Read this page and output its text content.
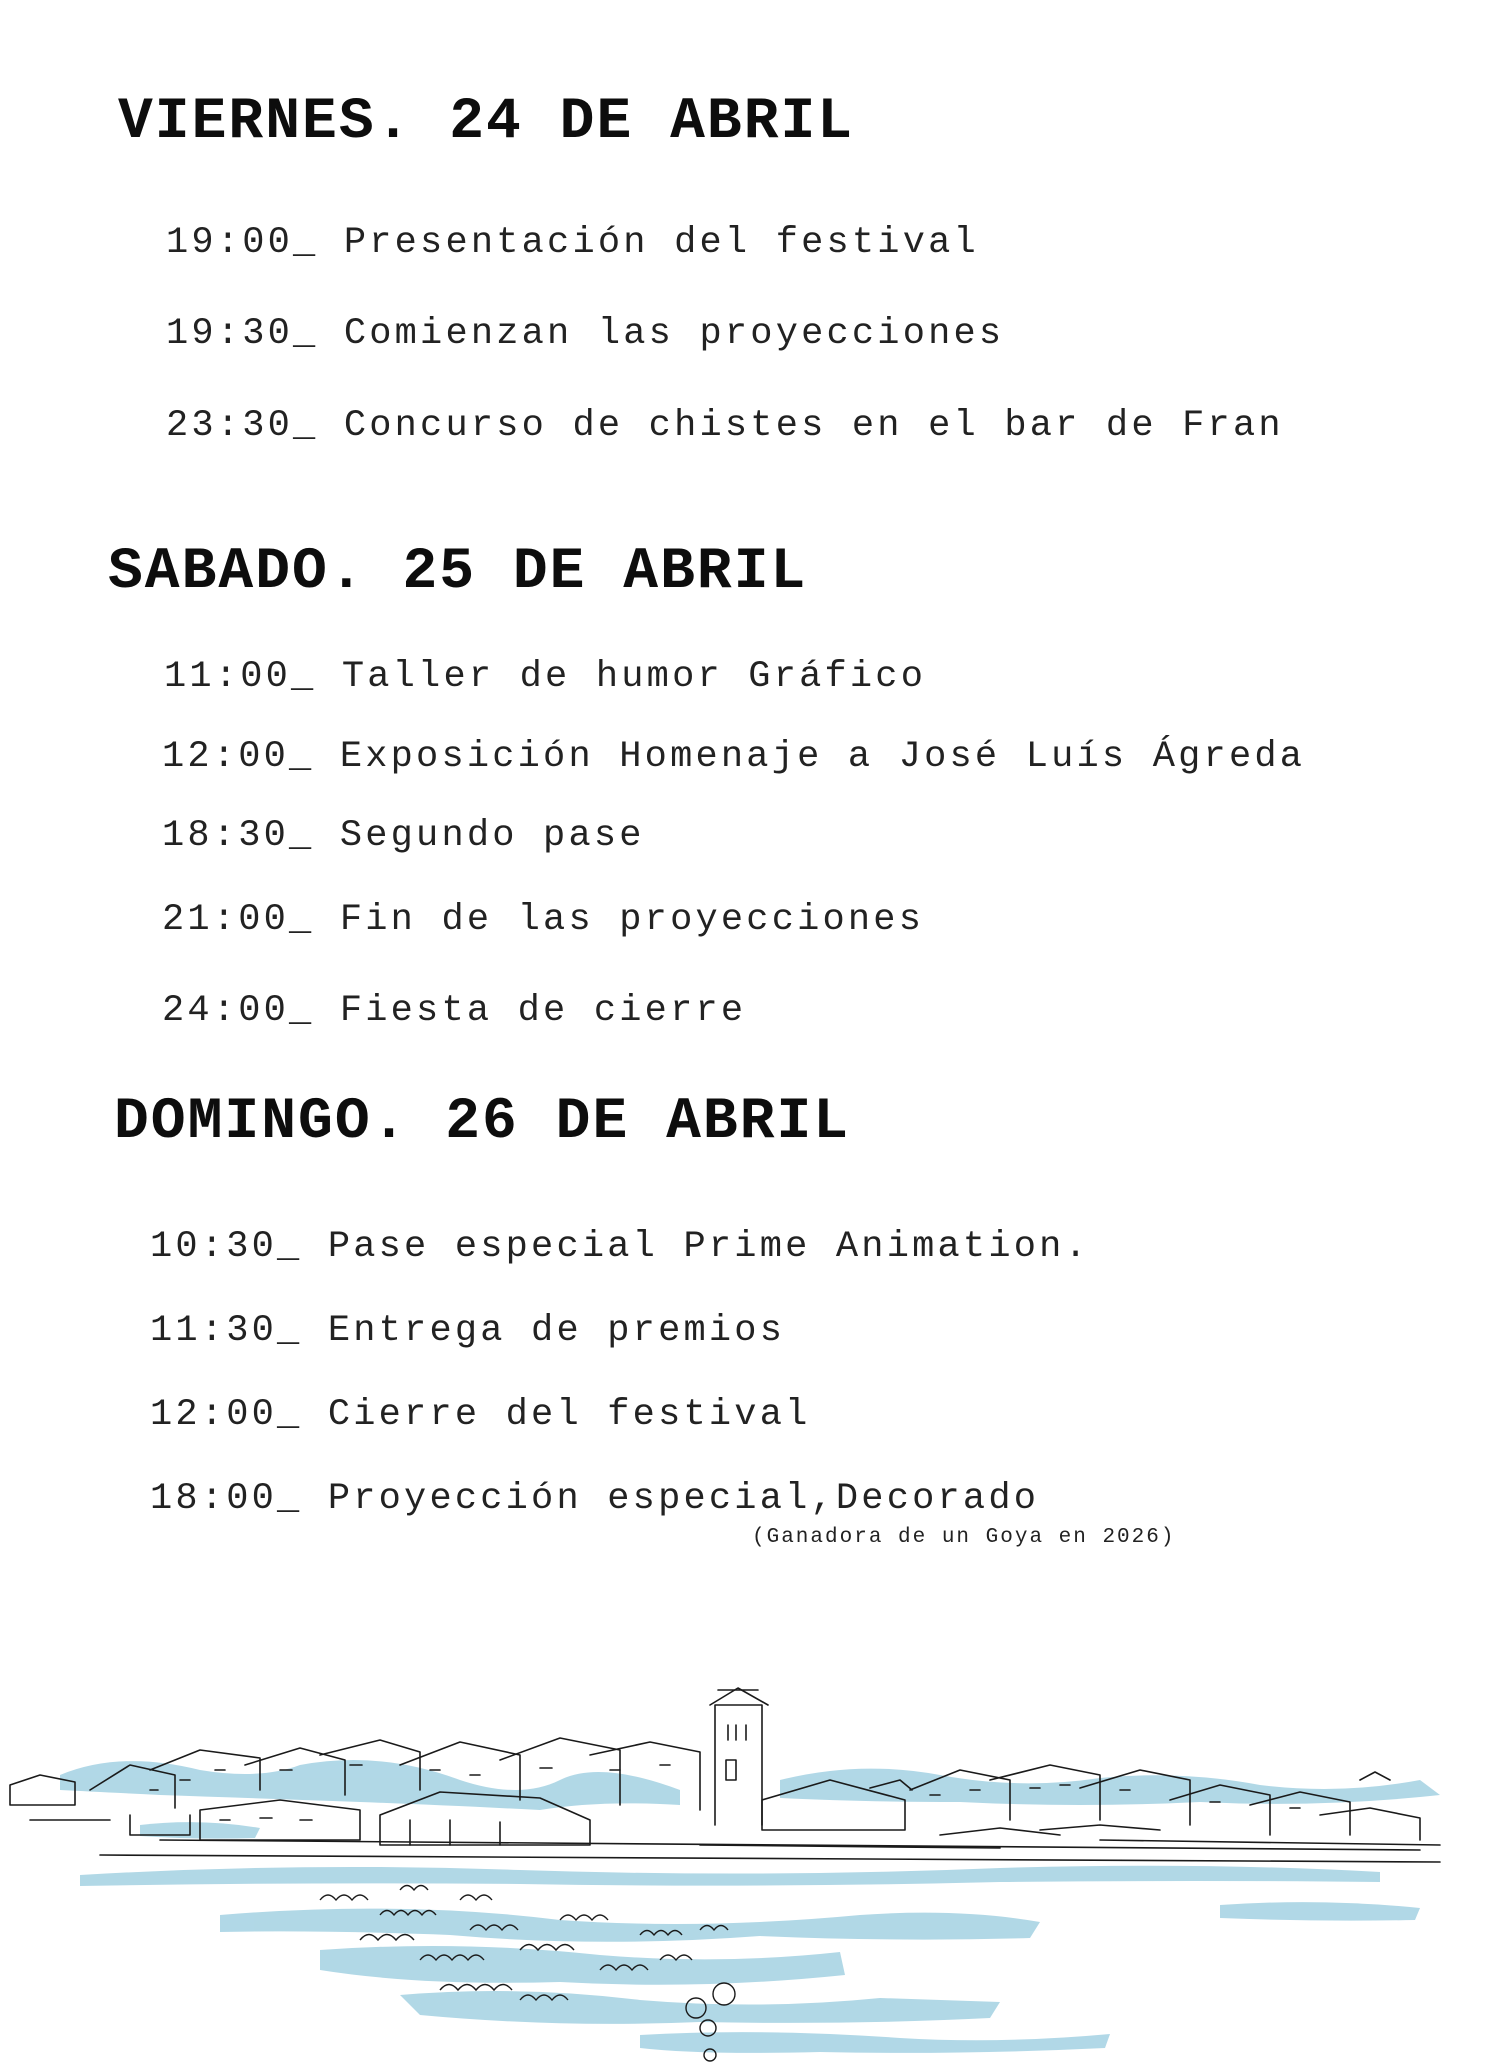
VIERNES. 24 DE ABRIL
19:00_ Presentación del festival
19:30_ Comienzan las proyecciones
23:30_ Concurso de chistes en el bar de Fran
SABADO. 25 DE ABRIL
11:00_ Taller de humor Gráfico
12:00_ Exposición Homenaje a José Luís Ágreda
18:30_ Segundo pase
21:00_ Fin de las proyecciones
24:00_ Fiesta de cierre
DOMINGO. 26 DE ABRIL
10:30_ Pase especial Prime Animation.
11:30_ Entrega de premios
12:00_ Cierre del festival
18:00_ Proyección especial,Decorado
(Ganadora de un Goya en 2026)
